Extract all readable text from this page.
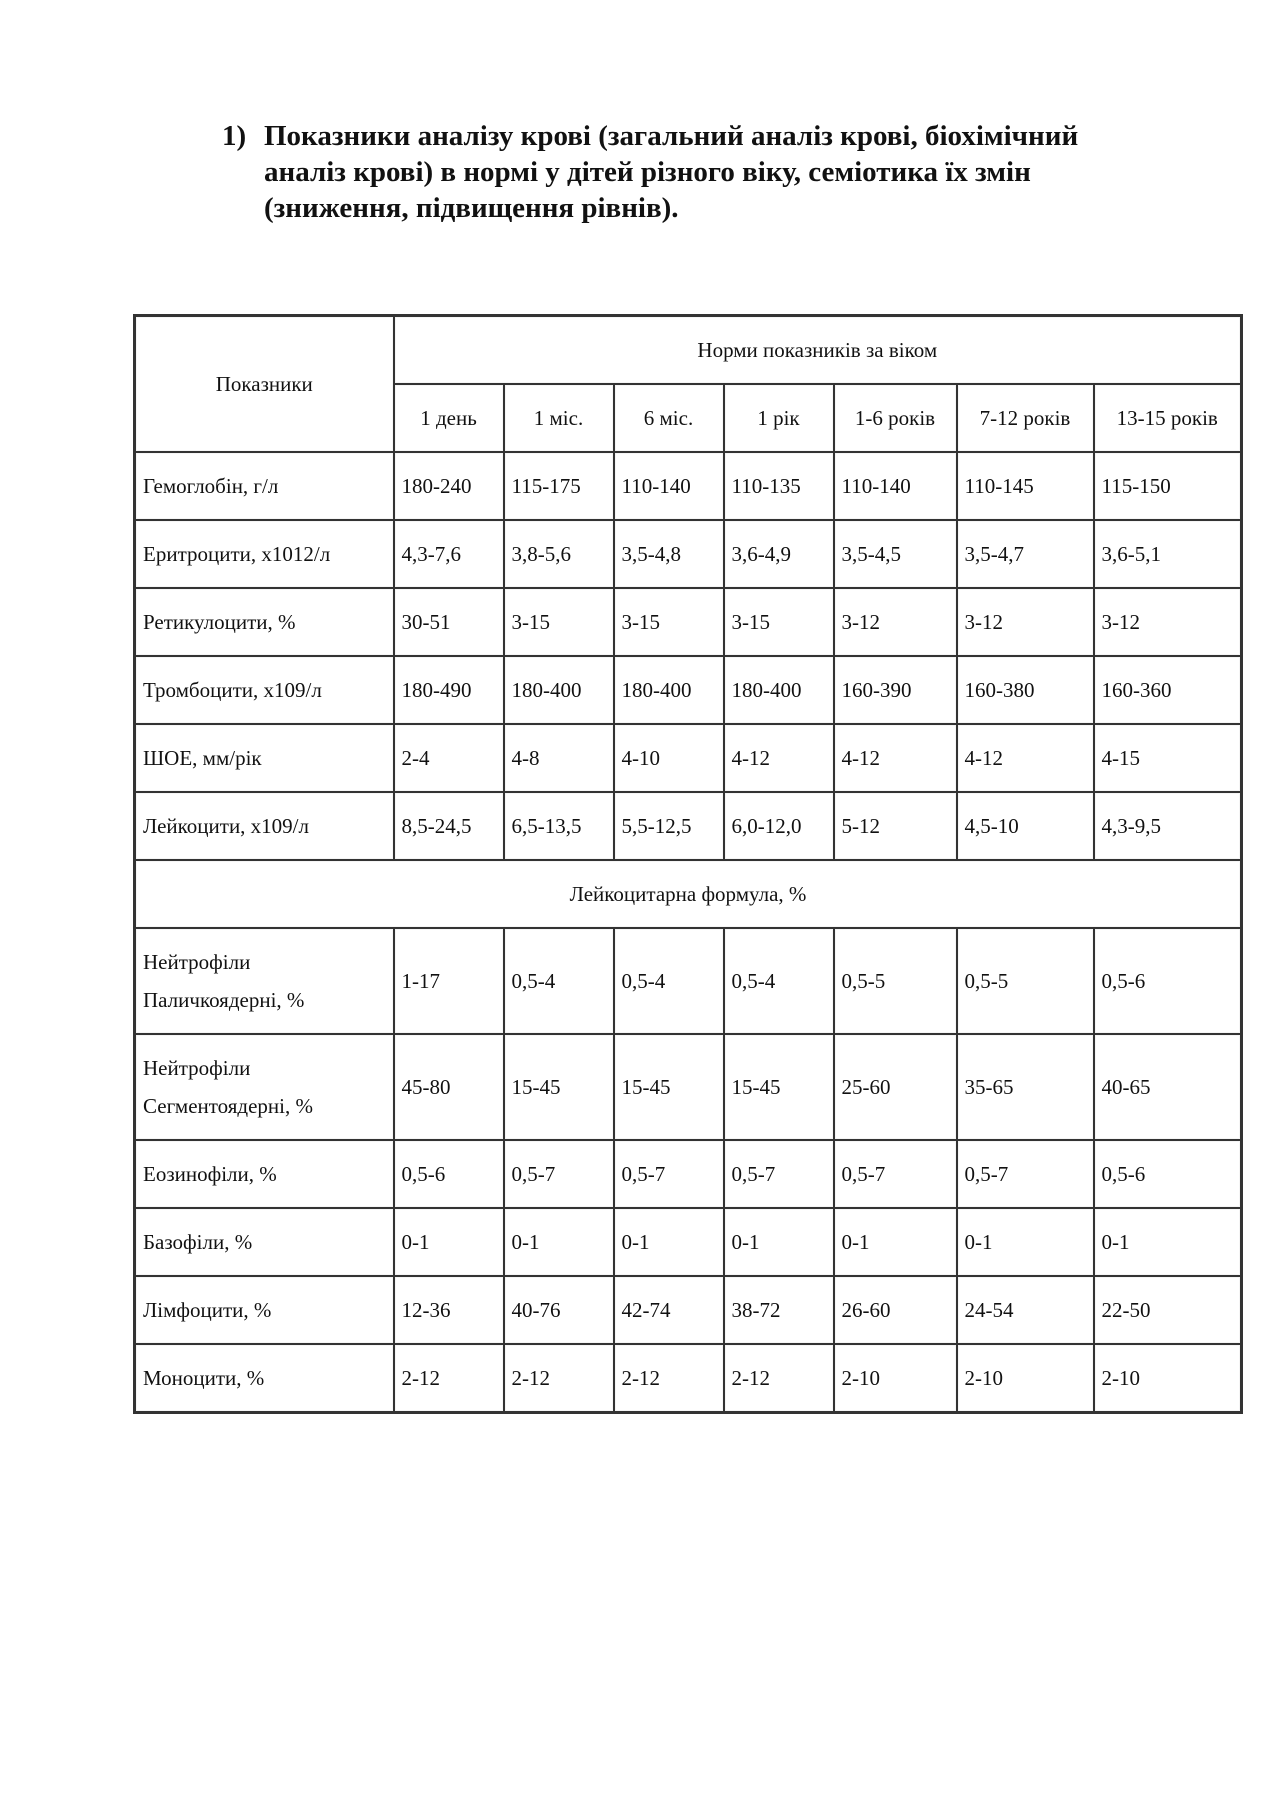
1) Показники аналізу крові (загальний аналіз крові, біохімічний
аналіз крові) в нормі у дітей різного віку, семіотика їх змін
(зниження, підвищення рівнів).
Показники	Норми показників за віком						
	1 день	1 міс.	6 міс.	1 рік	1-6 років	7-12 років	13-15 років
Гемоглобін, г/л	180-240	115-175	110-140	110-135	110-140	110-145	115-150
Еритроцити, x1012/л	4,3-7,6	3,8-5,6	3,5-4,8	3,6-4,9	3,5-4,5	3,5-4,7	3,6-5,1
Ретикулоцити, %	30-51	3-15	3-15	3-15	3-12	3-12	3-12
Тромбоцити, x109/л	180-490	180-400	180-400	180-400	160-390	160-380	160-360
ШОЕ, мм/рік	2-4	4-8	4-10	4-12	4-12	4-12	4-15
Лейкоцити, x109/л	8,5-24,5	6,5-13,5	5,5-12,5	6,0-12,0	5-12	4,5-10	4,3-9,5
Лейкоцитарна формула, %							

Нейтрофіли
Паличкоядерні, %	1-17	0,5-4	0,5-4	0,5-4	0,5-5	0,5-5	0,5-6

Нейтрофіли
Сегментоядерні, %	45-80	15-45	15-45	15-45	25-60	35-65	40-65

Еозинофіли, %	0,5-6	0,5-7	0,5-7	0,5-7	0,5-7	0,5-7	0,5-6

Базофіли, %	0-1	0-1	0-1	0-1	0-1	0-1	0-1

Лімфоцити, %	12-36	40-76	42-74	38-72	26-60	24-54	22-50

Моноцити, %	2-12	2-12	2-12	2-12	2-10	2-10	2-10
